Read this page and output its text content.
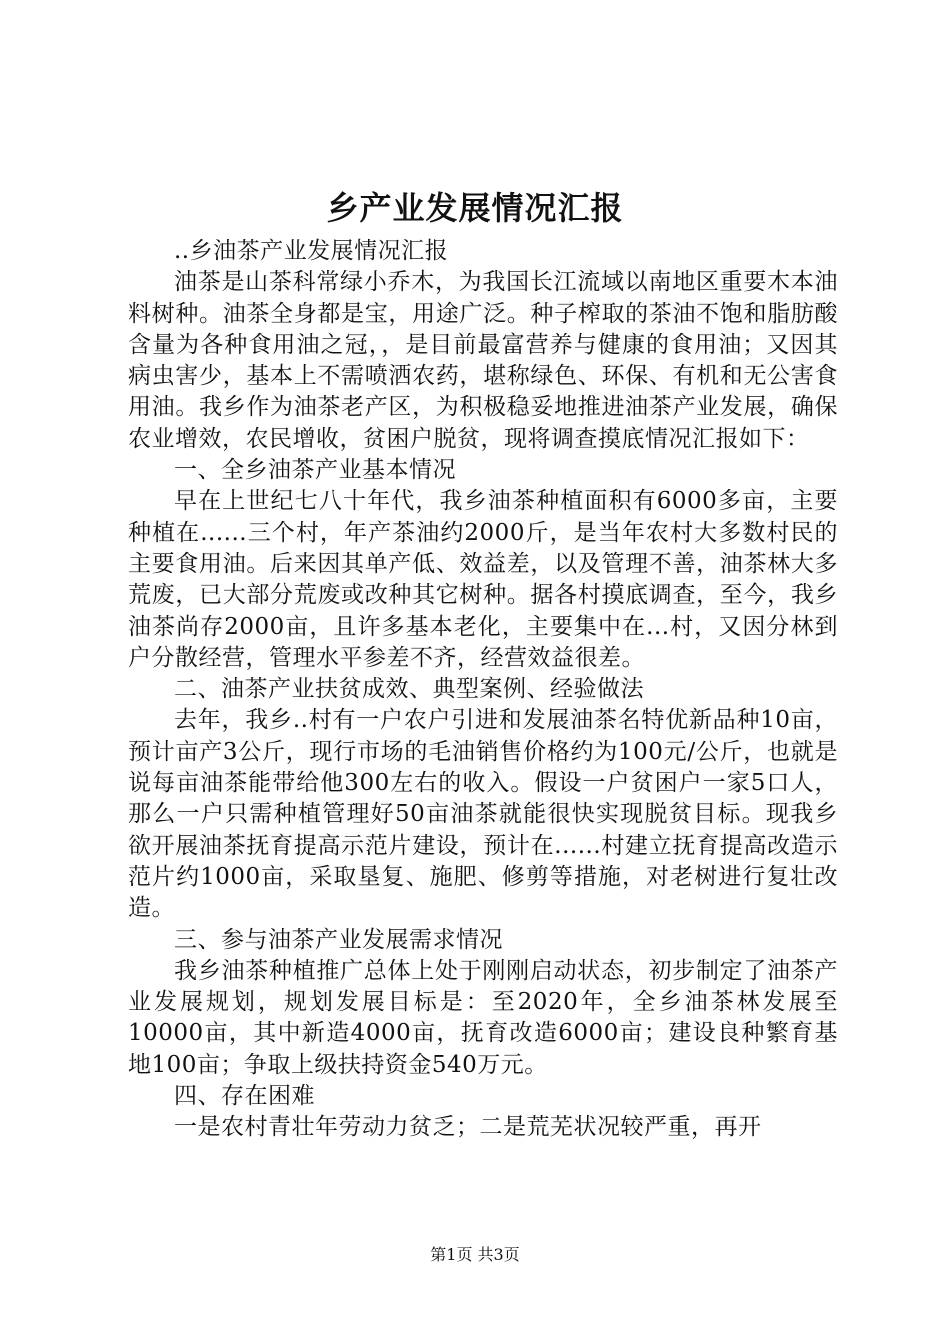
乡产业发展情况汇报

..乡油茶产业发展情况汇报

油茶是山茶科常绿小乔木，为我国长江流域以南地区重要木本油料树种。油茶全身都是宝，用途广泛。种子榨取的茶油不饱和脂肪酸含量为各种食用油之冠，，是目前最富营养与健康的食用油；又因其病虫害少，基本上不需喷洒农药，堪称绿色、环保、有机和无公害食用油。我乡作为油茶老产区，为积极稳妥地推进油茶产业发展，确保农业增效，农民增收，贫困户脱贫，现将调查摸底情况汇报如下：

一、全乡油茶产业基本情况

早在上世纪七八十年代，我乡油茶种植面积有6000多亩，主要种植在......三个村，年产茶油约2000斤，是当年农村大多数村民的主要食用油。后来因其单产低、效益差，以及管理不善，油茶林大多荒废，已大部分荒废或改种其它树种。据各村摸底调查，至今，我乡油茶尚存2000亩，且许多基本老化，主要集中在...村，又因分林到户分散经营，管理水平参差不齐，经营效益很差。

二、油茶产业扶贫成效、典型案例、经验做法

去年，我乡..村有一户农户引进和发展油茶名特优新品种10亩，预计亩产3公斤，现行市场的毛油销售价格约为100元/公斤，也就是说每亩油茶能带给他300左右的收入。假设一户贫困户一家5口人，那么一户只需种植管理好50亩油茶就能很快实现脱贫目标。现我乡欲开展油茶抚育提高示范片建设，预计在......村建立抚育提高改造示范片约1000亩，采取垦复、施肥、修剪等措施，对老树进行复壮改造。

三、参与油茶产业发展需求情况

我乡油茶种植推广总体上处于刚刚启动状态，初步制定了油茶产业发展规划，规划发展目标是：至2020年，全乡油茶林发展至10000亩，其中新造4000亩，抚育改造6000亩；建设良种繁育基地100亩；争取上级扶持资金540万元。

四、存在困难

一是农村青壮年劳动力贫乏；二是荒芜状况较严重，再开

第1页 共3页
